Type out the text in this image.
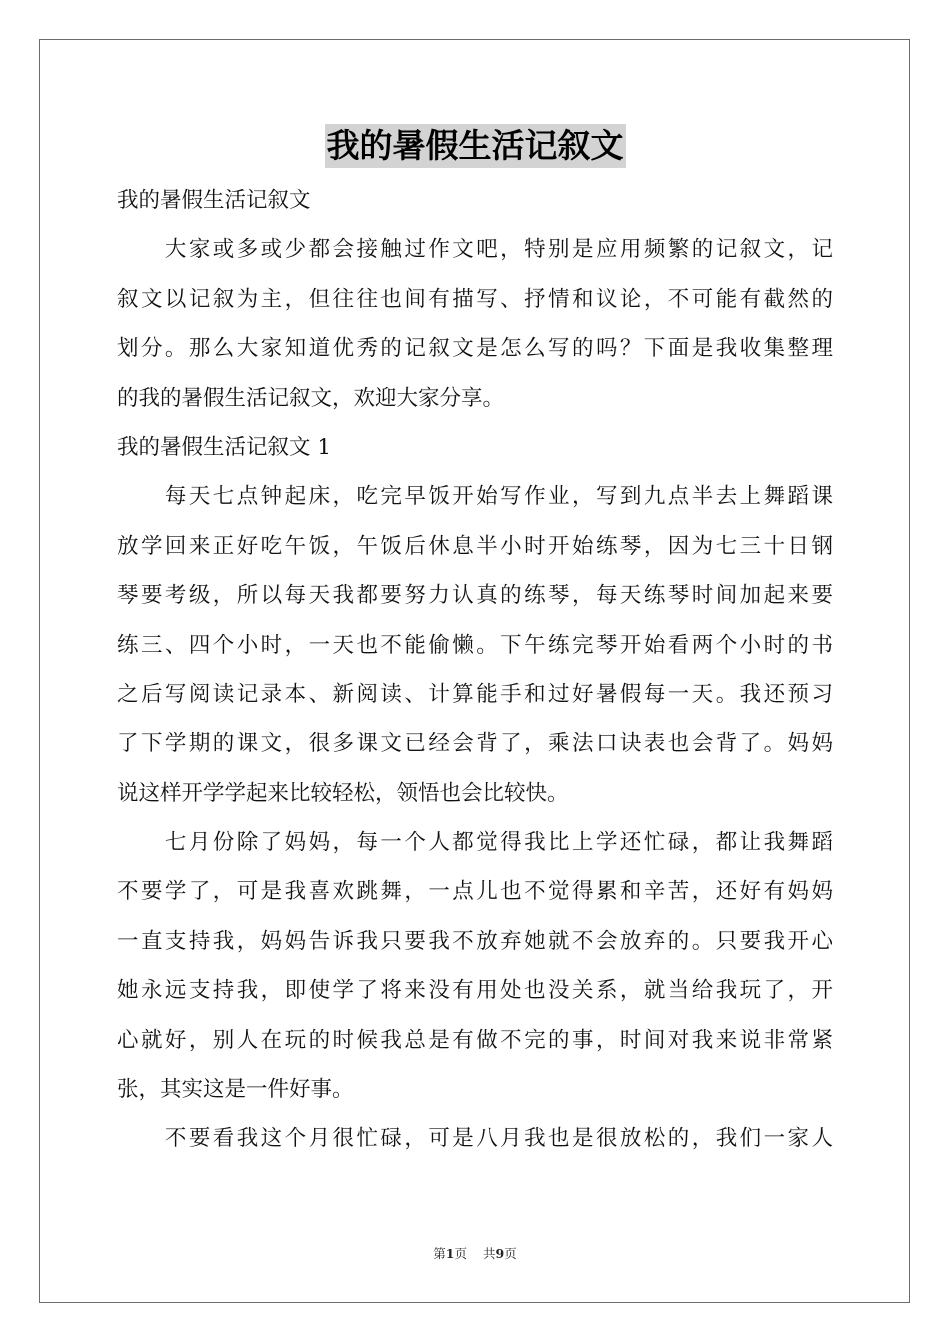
我的暑假生活记叙文
我的暑假生活记叙文
　　大家或多或少都会接触过作文吧，特别是应用频繁的记叙文，记
叙文以记叙为主，但往往也间有描写、抒情和议论，不可能有截然的
划分。那么大家知道优秀的记叙文是怎么写的吗？下面是我收集整理
的我的暑假生活记叙文，欢迎大家分享。
我的暑假生活记叙文 1
　　每天七点钟起床，吃完早饭开始写作业，写到九点半去上舞蹈课
放学回来正好吃午饭，午饭后休息半小时开始练琴，因为七三十日钢
琴要考级，所以每天我都要努力认真的练琴，每天练琴时间加起来要
练三、四个小时，一天也不能偷懒。下午练完琴开始看两个小时的书
之后写阅读记录本、新阅读、计算能手和过好暑假每一天。我还预习
了下学期的课文，很多课文已经会背了，乘法口诀表也会背了。妈妈
说这样开学学起来比较轻松，领悟也会比较快。
　　七月份除了妈妈，每一个人都觉得我比上学还忙碌，都让我舞蹈
不要学了，可是我喜欢跳舞，一点儿也不觉得累和辛苦，还好有妈妈
一直支持我，妈妈告诉我只要我不放弃她就不会放弃的。只要我开心
她永远支持我，即使学了将来没有用处也没关系，就当给我玩了，开
心就好，别人在玩的时候我总是有做不完的事，时间对我来说非常紧
张，其实这是一件好事。
　　不要看我这个月很忙碌，可是八月我也是很放松的，我们一家人
第1页 共9页
